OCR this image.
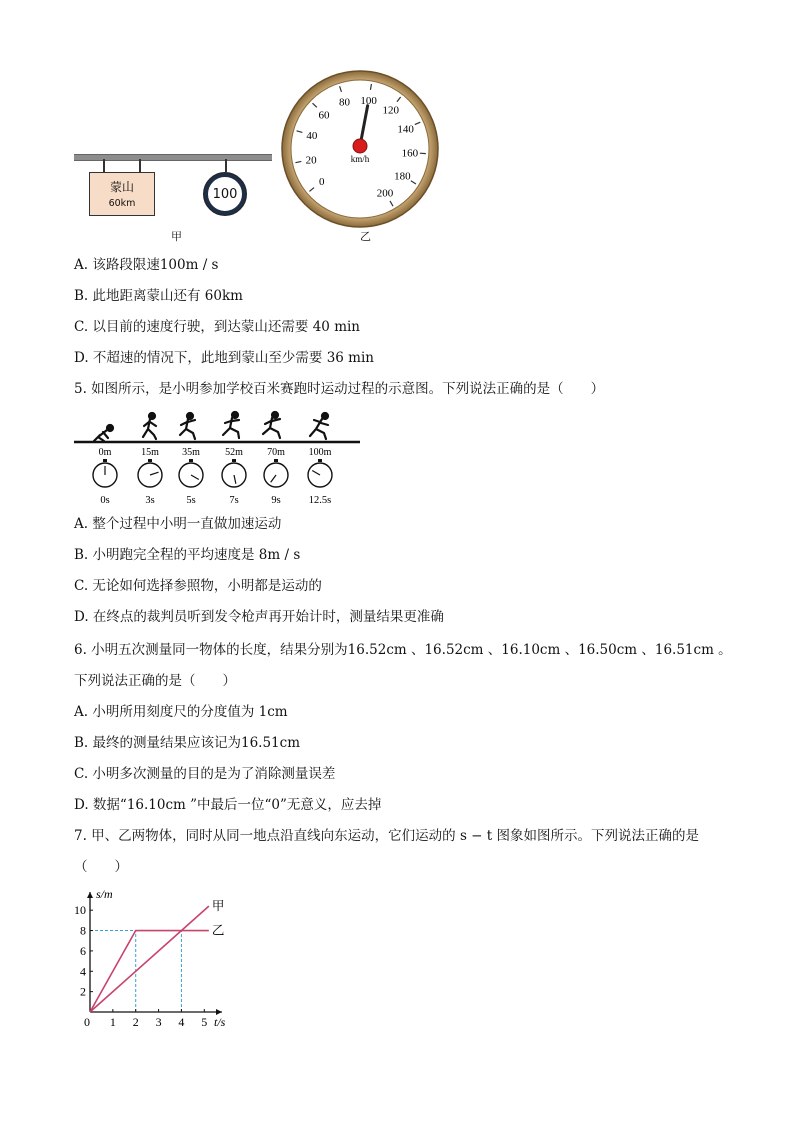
蒙山
60km
100
甲	乙
0
20
40
60
80 100
120
140
160
180
200
km/h
A. 该路段限速100m / s
B. 此地距离蒙山还有 60km
C. 以目前的速度行驶，到达蒙山还需要 40 min
D. 不超速的情况下，此地到蒙山至少需要 36 min
5. 如图所示，是小明参加学校百米赛跑时运动过程的示意图。下列说法正确的是（　　）
0m	15m 35m	52m 70m 100m
0s	3s	5s	7s	9s	12.5s
A. 整个过程中小明一直做加速运动
B. 小明跑完全程的平均速度是 8m / s
C. 无论如何选择参照物，小明都是运动的
D. 在终点的裁判员听到发令枪声再开始计时，测量结果更准确
6. 小明五次测量同一物体的长度，结果分别为16.52cm 、16.52cm 、16.10cm 、16.50cm 、16.51cm 。
下列说法正确的是（　　）
A. 小明所用刻度尺的分度值为 1cm
B. 最终的测量结果应该记为16.51cm
C. 小明多次测量的目的是为了消除测量误差
D. 数据“16.10cm ”中最后一位“0”无意义，应去掉
7. 甲、乙两物体，同时从同一地点沿直线向东运动，它们运动的 s − t 图象如图所示。下列说法正确的是
（　　）
甲
乙
0 1 2 3 4 5
2
4
6
8
10
s/m
t/s
